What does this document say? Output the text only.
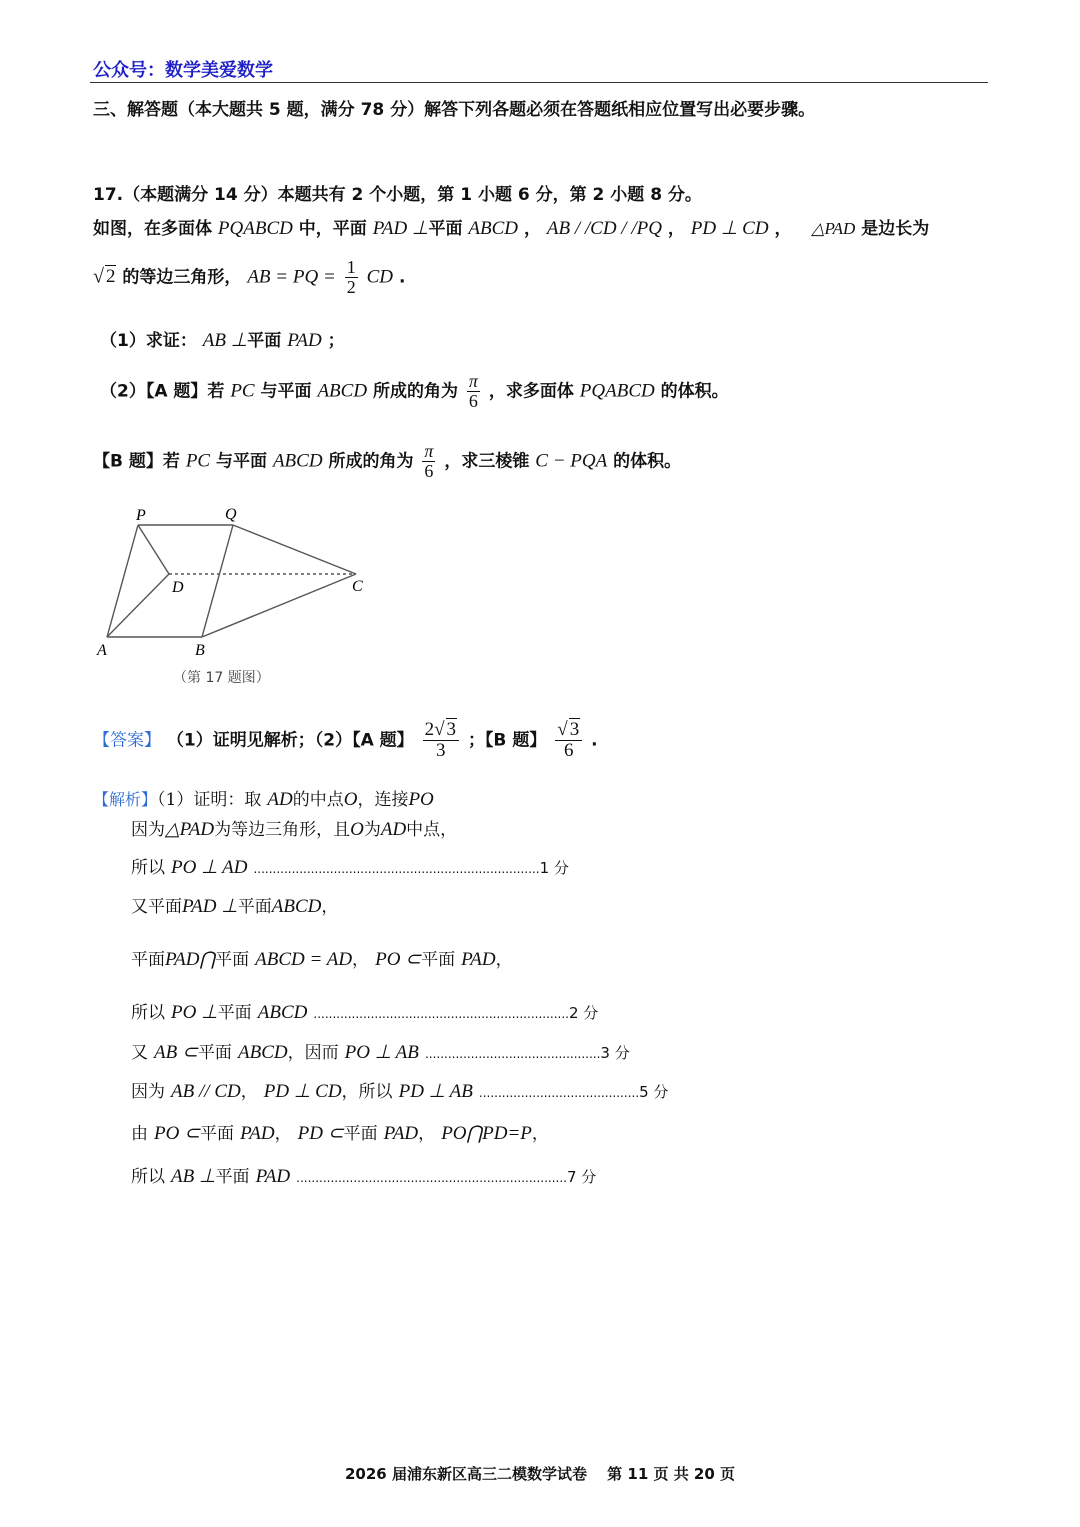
公众号：数学美爱数学
三、解答题（本大题共 5 题，满分 78 分）解答下列各题必须在答题纸相应位置写出必要步骤。
17.（本题满分 14 分）本题共有 2 个小题，第 1 小题 6 分，第 2 小题 8 分。
如图，在多面体 PQABCD 中，平面 PAD ⊥平面 ABCD ， AB / /CD / /PQ ， PD ⊥ CD ， △PAD 是边长为
√ 2 的等边三角形， AB = PQ = $\frac{1}{2}$ CD .
（1）求证： AB ⊥平面 PAD ；
（2）【A 题】若 PC 与平面 ABCD 所成的角为 $\frac{\pi}{6}$ ，求多面体 PQABCD 的体积。
【B 题】若 PC 与平面 ABCD 所成的角为 $\frac{\pi}{6}$ ，求三棱锥 C − PQA 的体积。
P	Q
D	C
A	B
（第 17 题图）
【答案】 （1）证明见解析；（2）【A 题】 $\frac{2√ 3}{3}$ ；【B 题】 $\frac{√ 3}{6}$ .
【解析】（1）证明：取 AD的中点O，连接PO
因为△PAD为等边三角形，且O为AD中点，
所以 PO ⊥ AD ...........................................................................1 分
又平面PAD ⊥平面ABCD，
平面PAD⋂平面 ABCD = AD， PO ⊂平面 PAD，
所以 PO ⊥平面 ABCD ...................................................................2 分
又 AB ⊂平面 ABCD，因而 PO ⊥ AB ..............................................3 分
因为 AB // CD， PD ⊥ CD，所以 PD ⊥ AB ..........................................5 分
由 PO ⊂平面 PAD， PD ⊂平面 PAD， PO⋂PD=P，
所以 AB ⊥平面 PAD .......................................................................7 分
2026 届浦东新区高三二模数学试卷　 第 11 页 共 20 页
